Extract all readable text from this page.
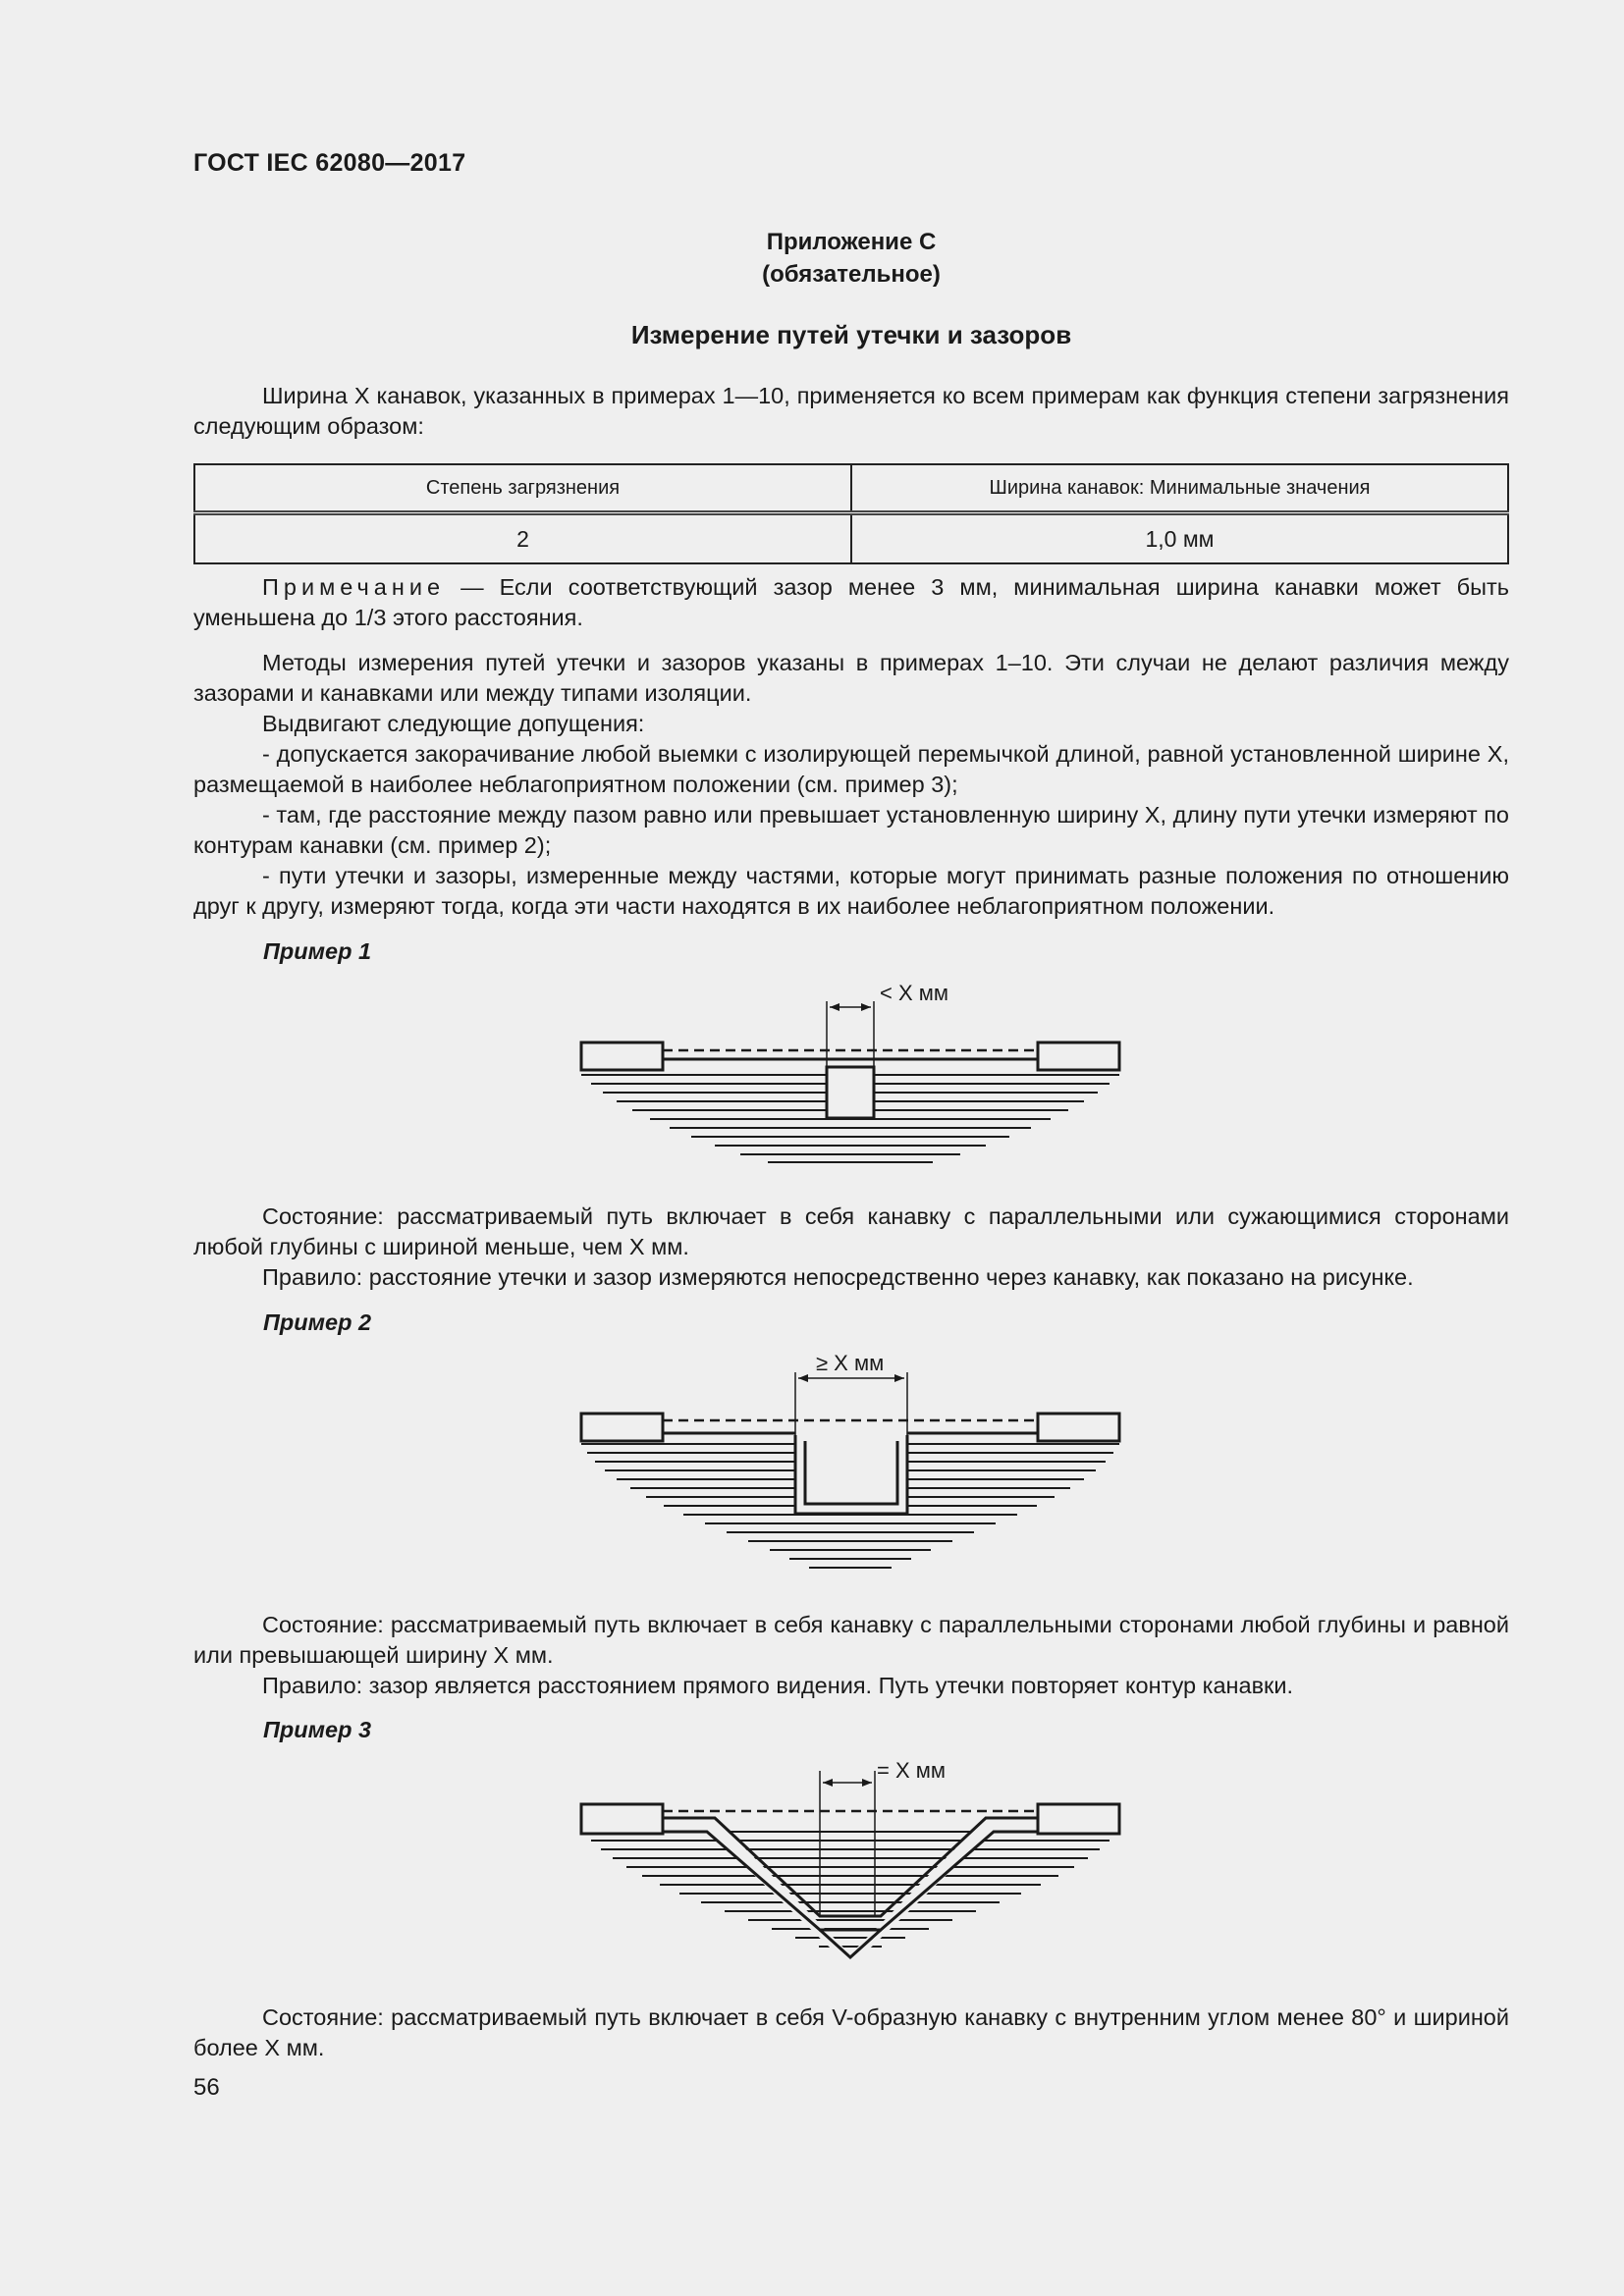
ГОСТ IEC 62080—2017
Приложение С
(обязательное)
Измерение путей утечки и зазоров

Ширина X канавок, указанных в примерах 1—10, применяется ко всем примерам как функция степени загрязнения следующим образом:

Степень загрязнения	Ширина канавок: Минимальные значения
2	1,0 мм

Примечание — Если соответствующий зазор менее 3 мм, минимальная ширина канавки может быть уменьшена до 1/3 этого расстояния.

Методы измерения путей утечки и зазоров указаны в примерах 1–10. Эти случаи не делают различия между зазорами и канавками или между типами изоляции.

Выдвигают следующие допущения:

- допускается закорачивание любой выемки с изолирующей перемычкой длиной, равной установленной ширине X, размещаемой в наиболее неблагоприятном положении (см. пример 3);

- там, где расстояние между пазом равно или превышает установленную ширину X, длину пути утечки измеряют по контурам канавки (см. пример 2);

- пути утечки и зазоры, измеренные между частями, которые могут принимать разные положения по отношению друг к другу, измеряют тогда, когда эти части находятся в их наиболее неблагоприятном положении.

Пример 1
< X мм

Состояние: рассматриваемый путь включает в себя канавку с параллельными или сужающимися сторонами любой глубины с шириной меньше, чем X мм.

Правило: расстояние утечки и зазор измеряются непосредственно через канавку, как показано на рисунке.

Пример 2
≥ X мм

Состояние: рассматриваемый путь включает в себя канавку с параллельными сторонами любой глубины и равной или превышающей ширину X мм.

Правило: зазор является расстоянием прямого видения. Путь утечки повторяет контур канавки.

Пример 3
= X мм

Состояние: рассматриваемый путь включает в себя V-образную канавку с внутренним углом менее 80° и шириной более X мм.

56
